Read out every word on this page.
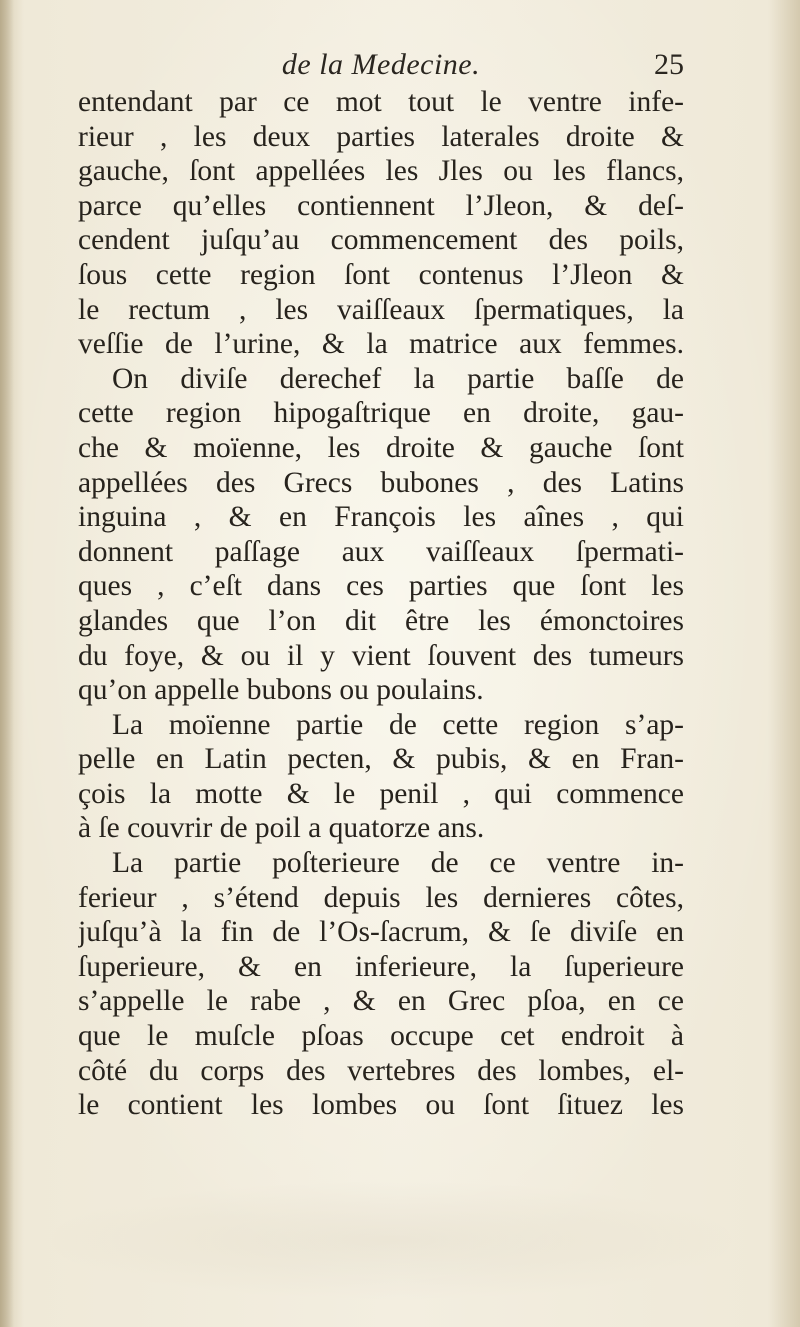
de la Medecine.	25
entendant par ce mot tout le ventre infe-
rieur , les deux parties laterales droite &
gauche, ſont appellées les Jles ou les flancs,
parce qu’elles contiennent l’Jleon, & deſ-
cendent juſqu’au commencement des poils,
ſous cette region ſont contenus l’Jleon &
le rectum , les vaiſſeaux ſpermatiques, la
veſſie de l’urine, & la matrice aux femmes.
On diviſe derechef la partie baſſe de
cette region hipogaſtrique en droite, gau-
che & moïenne, les droite & gauche ſont
appellées des Grecs bubones , des Latins
inguina , & en François les aînes , qui
donnent paſſage aux vaiſſeaux ſpermati-
ques , c’eſt dans ces parties que ſont les
glandes que l’on dit être les émonctoires
du foye, & ou il y vient ſouvent des tumeurs
qu’on appelle bubons ou poulains.
La moïenne partie de cette region s’ap-
pelle en Latin pecten, & pubis, & en Fran-
çois la motte & le penil , qui commence
à ſe couvrir de poil a quatorze ans.
La partie poſterieure de ce ventre in-
ferieur , s’étend depuis les dernieres côtes,
juſqu’à la fin de l’Os-ſacrum, & ſe diviſe en
ſuperieure, & en inferieure, la ſuperieure
s’appelle le rabe , & en Grec pſoa, en ce
que le muſcle pſoas occupe cet endroit à
côté du corps des vertebres des lombes, el-
le contient les lombes ou ſont ſituez les
